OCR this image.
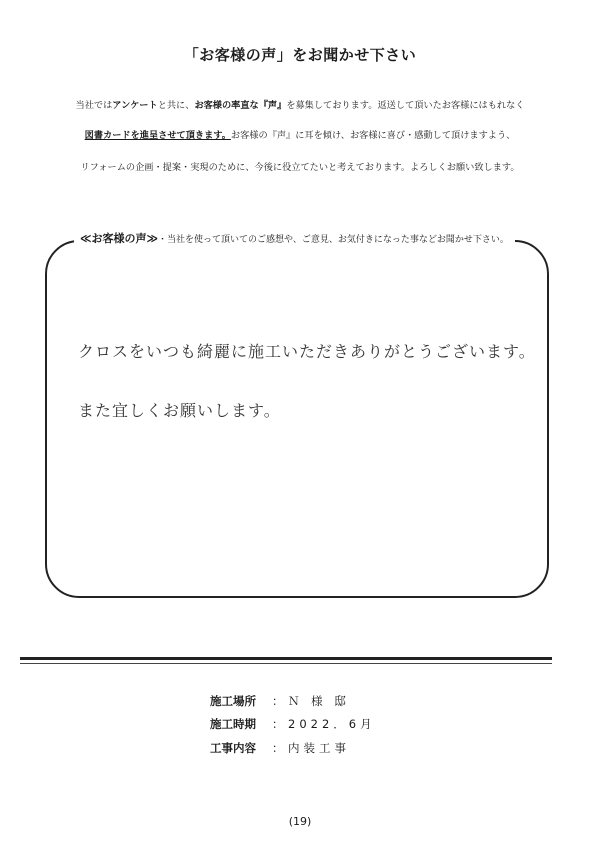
「お客様の声」をお聞かせ下さい
当社ではアンケートと共に、お客様の率直な『声』を募集しております。返送して頂いたお客様にはもれなく
図書カードを進呈させて頂きます。お客様の『声』に耳を傾け、お客様に喜び・感動して頂けますよう、
リフォームの企画・提案・実現のために、今後に役立てたいと考えております。よろしくお願い致します。
≪お客様の声≫・当社を使って頂いてのご感想や、ご意見、お気付きになった事などお聞かせ下さい。
クロスをいつも綺麗に施工いただきありがとうございます。
また宜しくお願いします。
施工場所 ： Ｎ 様 邸
施工時期 ： 2022．6月
工事内容 ： 内装工事
(19)
